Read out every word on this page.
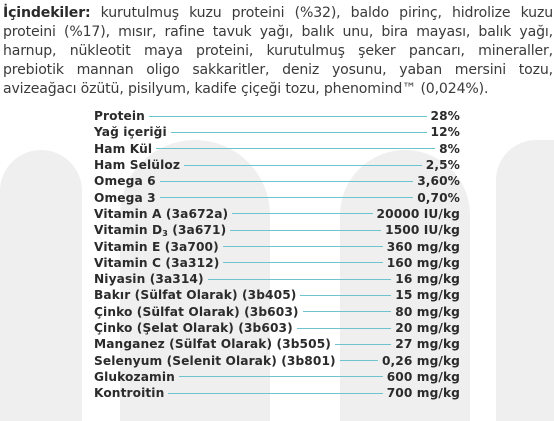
İçindekiler: kurutulmuş kuzu proteini (%32), baldo pirinç, hidrolize kuzu proteini (%17), mısır, rafine tavuk yağı, balık unu, bira mayası, balık yağı, harnup, nükleotit maya proteini, kurutulmuş şeker pancarı, mineraller, prebiotik mannan oligo sakkaritler, deniz yosunu, yaban mersini tozu, avizeağacı özütü, pisilyum, kadife çiçeği tozu, phenomind™ (0,024%).

Protein	28%
Yağ içeriği	12%
Ham Kül	8%
Ham Selüloz	2,5%
Omega 6	3,60%
Omega 3	0,70%
Vitamin A (3a672a)	20000 IU/kg
Vitamin $D_3$ (3a671)	1500 IU/kg
Vitamin E (3a700)	360 mg/kg
Vitamin C (3a312)	160 mg/kg
Niyasin (3a314)	16 mg/kg
Bakır (Sülfat Olarak) (3b405)	15 mg/kg
Çinko (Sülfat Olarak) (3b603)	80 mg/kg
Çinko (Şelat Olarak) (3b603)	20 mg/kg
Manganez (Sülfat Olarak) (3b505)	27 mg/kg
Selenyum (Selenit Olarak) (3b801)	0,26 mg/kg
Glukozamin	600 mg/kg
Kontroitin	700 mg/kg
